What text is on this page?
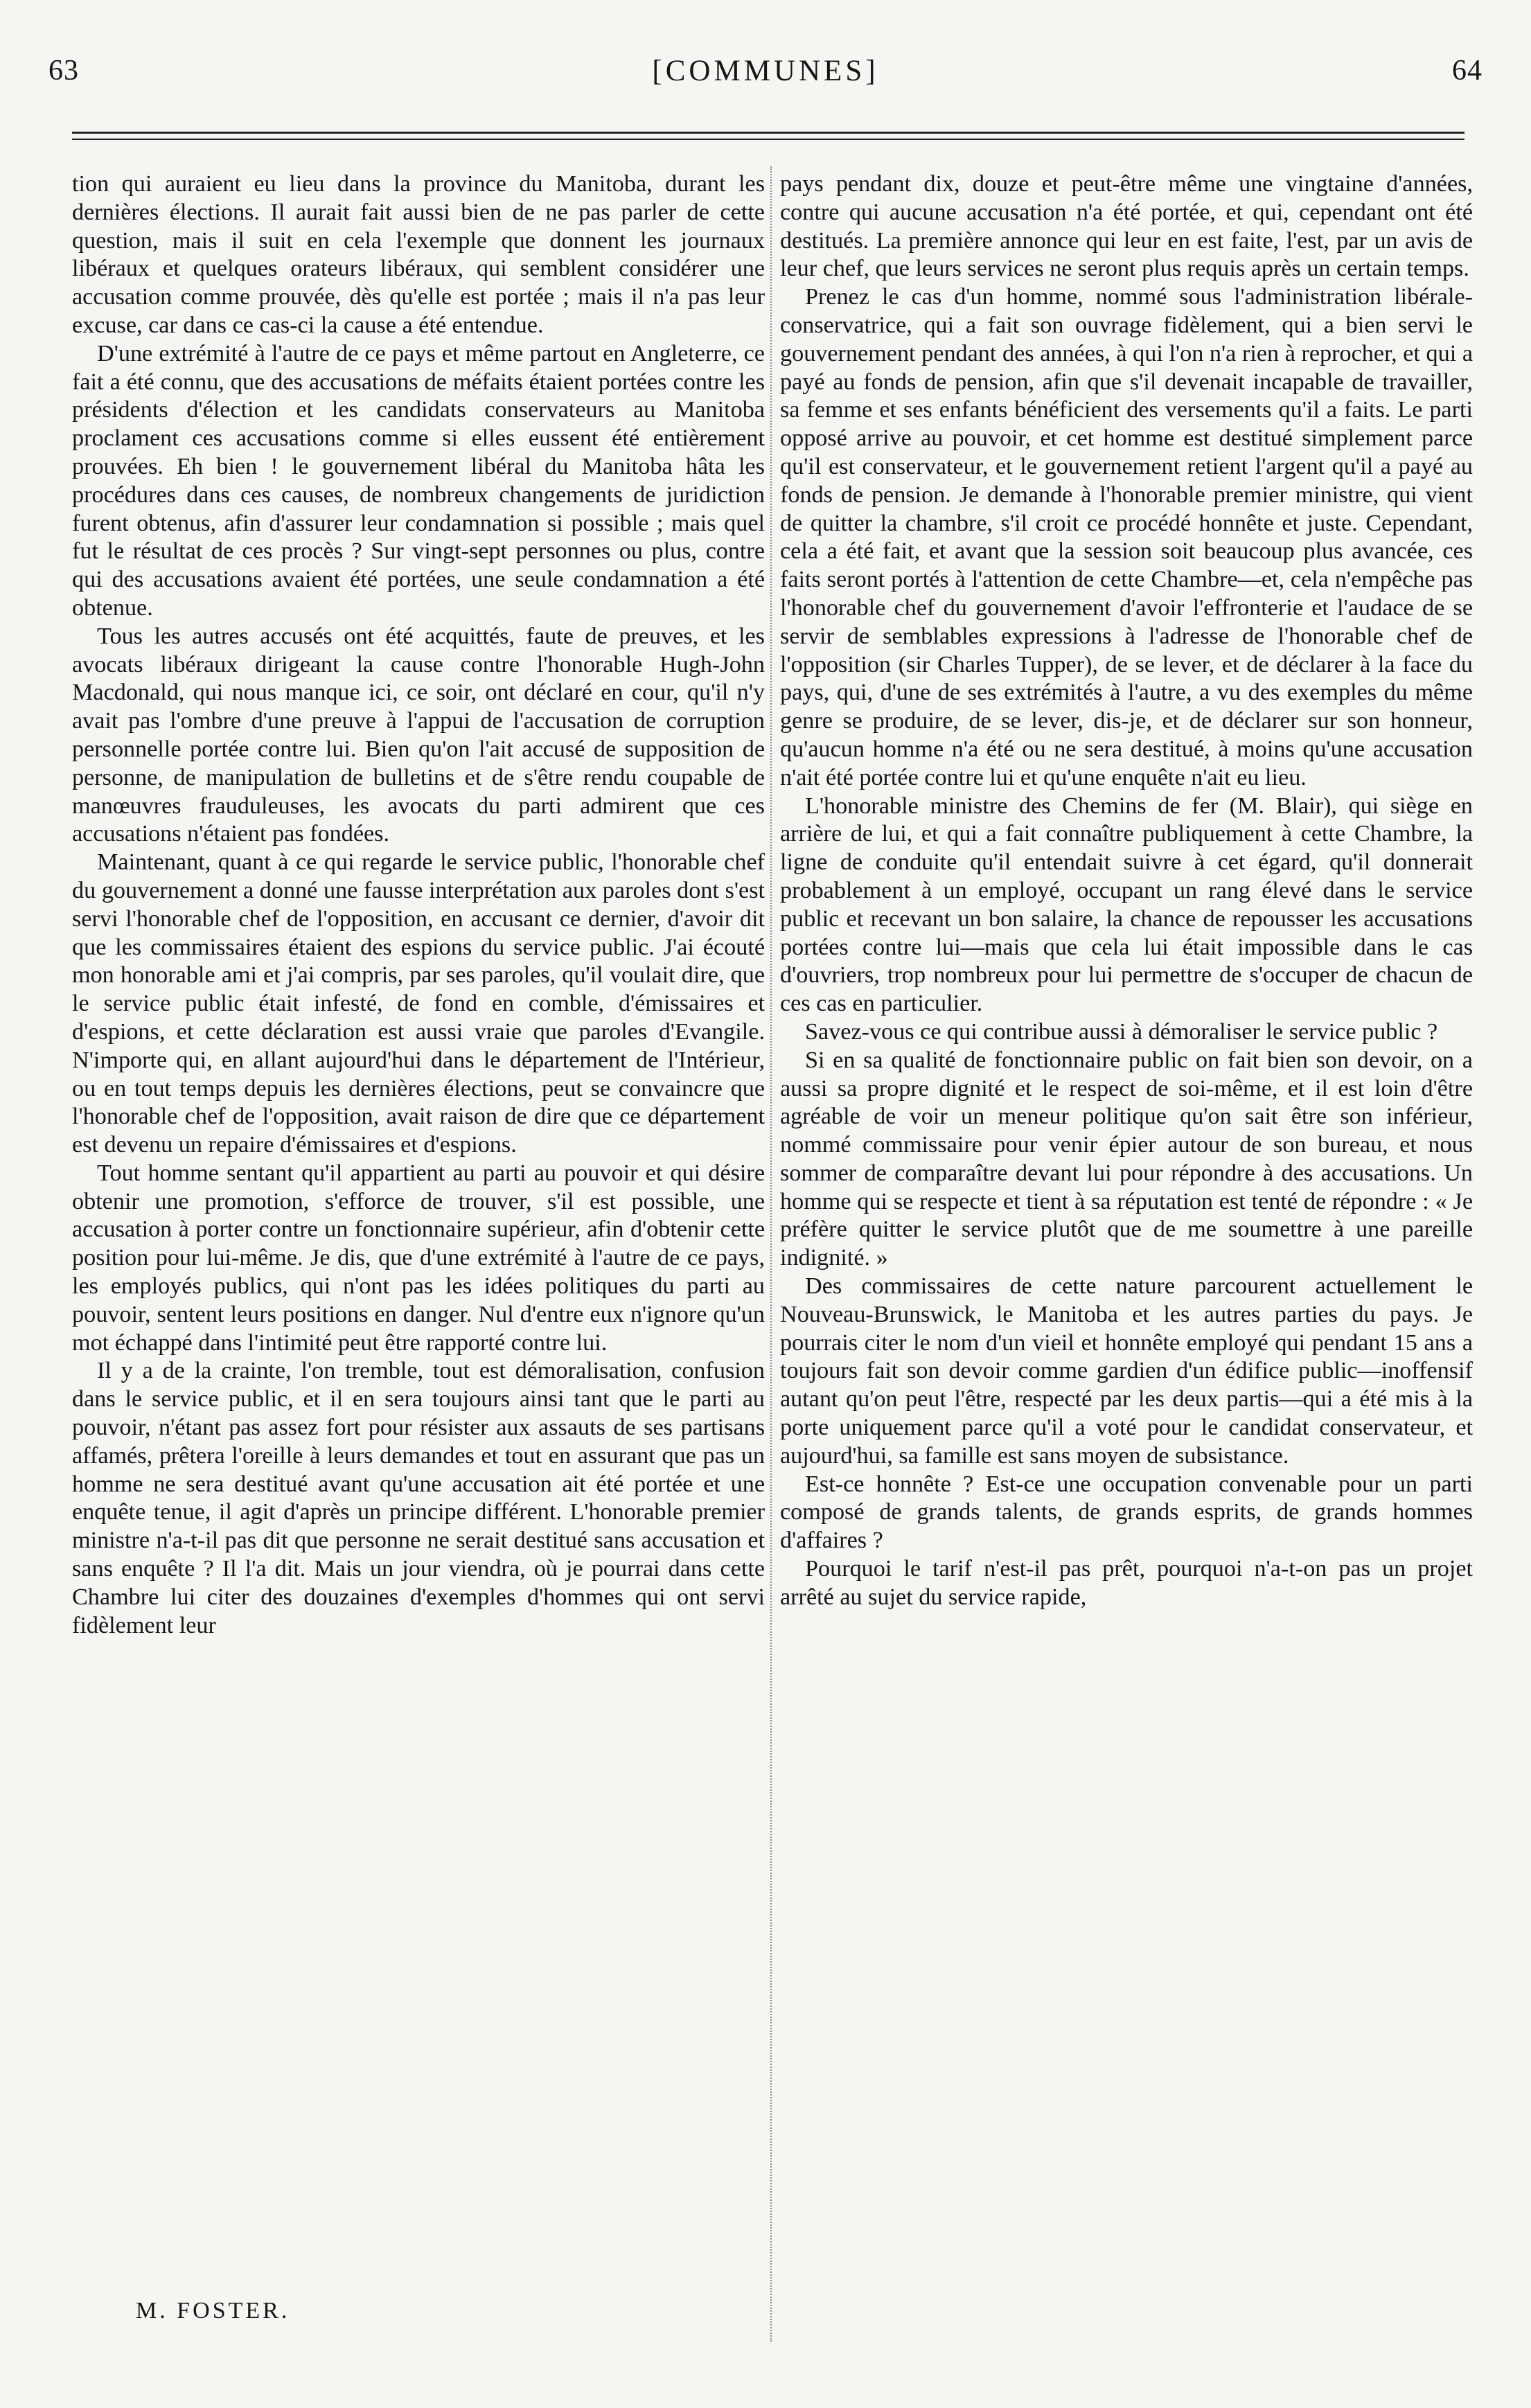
63	[COMMUNES]	64

tion qui auraient eu lieu dans la province du Manitoba, durant les dernières élections. Il aurait fait aussi bien de ne pas parler de cette question, mais il suit en cela l'exemple que donnent les journaux libéraux et quelques orateurs libéraux, qui semblent considérer une accusation comme prouvée, dès qu'elle est portée ; mais il n'a pas leur excuse, car dans ce cas-ci la cause a été entendue.

D'une extrémité à l'autre de ce pays et même partout en Angleterre, ce fait a été connu, que des accusations de méfaits étaient portées contre les présidents d'élection et les candidats conservateurs au Manitoba proclament ces accusations comme si elles eussent été entièrement prouvées. Eh bien ! le gouvernement libéral du Manitoba hâta les procédures dans ces causes, de nombreux changements de juridiction furent obtenus, afin d'assurer leur condamnation si possible ; mais quel fut le résultat de ces procès ? Sur vingt-sept personnes ou plus, contre qui des accusations avaient été portées, une seule condamnation a été obtenue.

Tous les autres accusés ont été acquittés, faute de preuves, et les avocats libéraux dirigeant la cause contre l'honorable Hugh-John Macdonald, qui nous manque ici, ce soir, ont déclaré en cour, qu'il n'y avait pas l'ombre d'une preuve à l'appui de l'accusation de corruption personnelle portée contre lui. Bien qu'on l'ait accusé de supposition de personne, de manipulation de bulletins et de s'être rendu coupable de manœuvres frauduleuses, les avocats du parti admirent que ces accusations n'étaient pas fondées.

Maintenant, quant à ce qui regarde le service public, l'honorable chef du gouvernement a donné une fausse interprétation aux paroles dont s'est servi l'honorable chef de l'opposition, en accusant ce dernier, d'avoir dit que les commissaires étaient des espions du service public. J'ai écouté mon honorable ami et j'ai compris, par ses paroles, qu'il voulait dire, que le service public était infesté, de fond en comble, d'émissaires et d'espions, et cette déclaration est aussi vraie que paroles d'Evangile. N'importe qui, en allant aujourd'hui dans le département de l'Intérieur, ou en tout temps depuis les dernières élections, peut se convaincre que l'honorable chef de l'opposition, avait raison de dire que ce département est devenu un repaire d'émissaires et d'espions.

Tout homme sentant qu'il appartient au parti au pouvoir et qui désire obtenir une promotion, s'efforce de trouver, s'il est possible, une accusation à porter contre un fonctionnaire supérieur, afin d'obtenir cette position pour lui-même. Je dis, que d'une extrémité à l'autre de ce pays, les employés publics, qui n'ont pas les idées politiques du parti au pouvoir, sentent leurs positions en danger. Nul d'entre eux n'ignore qu'un mot échappé dans l'intimité peut être rapporté contre lui.

Il y a de la crainte, l'on tremble, tout est démoralisation, confusion dans le service public, et il en sera toujours ainsi tant que le parti au pouvoir, n'étant pas assez fort pour résister aux assauts de ses partisans affamés, prêtera l'oreille à leurs demandes et tout en assurant que pas un homme ne sera destitué avant qu'une accusation ait été portée et une enquête tenue, il agit d'après un principe différent. L'honorable premier ministre n'a-t-il pas dit que personne ne serait destitué sans accusation et sans enquête ? Il l'a dit. Mais un jour viendra, où je pourrai dans cette Chambre lui citer des douzaines d'exemples d'hommes qui ont servi fidèlement leur

M. FOSTER.

pays pendant dix, douze et peut-être même une vingtaine d'années, contre qui aucune accusation n'a été portée, et qui, cependant ont été destitués. La première annonce qui leur en est faite, l'est, par un avis de leur chef, que leurs services ne seront plus requis après un certain temps.

Prenez le cas d'un homme, nommé sous l'administration libérale-conservatrice, qui a fait son ouvrage fidèlement, qui a bien servi le gouvernement pendant des années, à qui l'on n'a rien à reprocher, et qui a payé au fonds de pension, afin que s'il devenait incapable de travailler, sa femme et ses enfants bénéficient des versements qu'il a faits. Le parti opposé arrive au pouvoir, et cet homme est destitué simplement parce qu'il est conservateur, et le gouvernement retient l'argent qu'il a payé au fonds de pension. Je demande à l'honorable premier ministre, qui vient de quitter la chambre, s'il croit ce procédé honnête et juste. Cependant, cela a été fait, et avant que la session soit beaucoup plus avancée, ces faits seront portés à l'attention de cette Chambre—et, cela n'empêche pas l'honorable chef du gouvernement d'avoir l'effronterie et l'audace de se servir de semblables expressions à l'adresse de l'honorable chef de l'opposition (sir Charles Tupper), de se lever, et de déclarer à la face du pays, qui, d'une de ses extrémités à l'autre, a vu des exemples du même genre se produire, de se lever, dis-je, et de déclarer sur son honneur, qu'aucun homme n'a été ou ne sera destitué, à moins qu'une accusation n'ait été portée contre lui et qu'une enquête n'ait eu lieu.

L'honorable ministre des Chemins de fer (M. Blair), qui siège en arrière de lui, et qui a fait connaître publiquement à cette Chambre, la ligne de conduite qu'il entendait suivre à cet égard, qu'il donnerait probablement à un employé, occupant un rang élevé dans le service public et recevant un bon salaire, la chance de repousser les accusations portées contre lui—mais que cela lui était impossible dans le cas d'ouvriers, trop nombreux pour lui permettre de s'occuper de chacun de ces cas en particulier.

Savez-vous ce qui contribue aussi à démoraliser le service public ?

Si en sa qualité de fonctionnaire public on fait bien son devoir, on a aussi sa propre dignité et le respect de soi-même, et il est loin d'être agréable de voir un meneur politique qu'on sait être son inférieur, nommé commissaire pour venir épier autour de son bureau, et nous sommer de comparaître devant lui pour répondre à des accusations. Un homme qui se respecte et tient à sa réputation est tenté de répondre : « Je préfère quitter le service plutôt que de me soumettre à une pareille indignité. »

Des commissaires de cette nature parcourent actuellement le Nouveau-Brunswick, le Manitoba et les autres parties du pays. Je pourrais citer le nom d'un vieil et honnête employé qui pendant 15 ans a toujours fait son devoir comme gardien d'un édifice public—inoffensif autant qu'on peut l'être, respecté par les deux partis—qui a été mis à la porte uniquement parce qu'il a voté pour le candidat conservateur, et aujourd'hui, sa famille est sans moyen de subsistance.

Est-ce honnête ? Est-ce une occupation convenable pour un parti composé de grands talents, de grands esprits, de grands hommes d'affaires ?

Pourquoi le tarif n'est-il pas prêt, pourquoi n'a-t-on pas un projet arrêté au sujet du service rapide,
